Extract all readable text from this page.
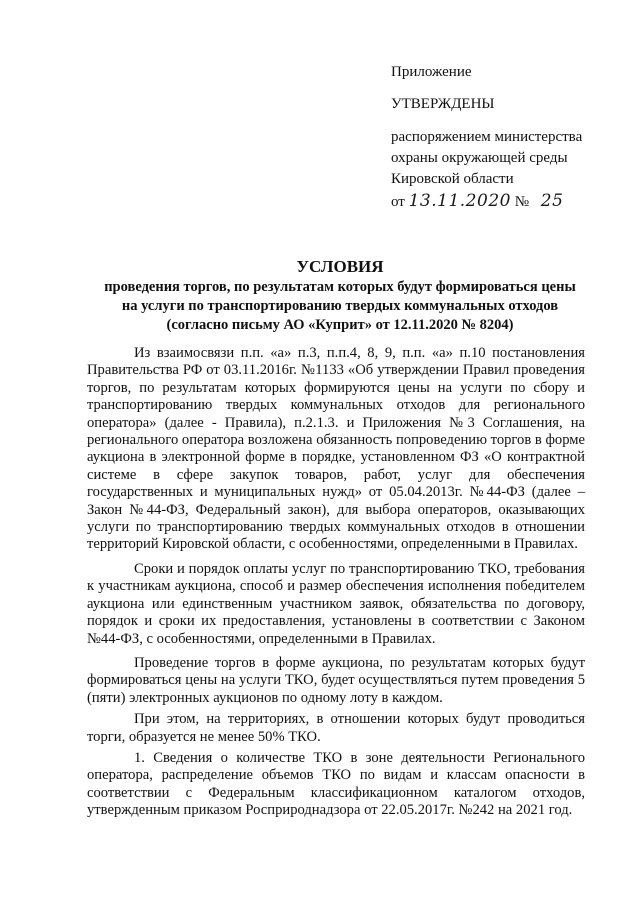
Приложение
УТВЕРЖДЕНЫ
распоряжением министерства
охраны окружающей среды
Кировской области
от 13.11.2020 № 25
УСЛОВИЯ
проведения торгов, по результатам которых будут формироваться цены
на услуги по транспортированию твердых коммунальных отходов
(согласно письму АО «Куприт» от 12.11.2020 № 8204)

Из взаимосвязи п.п. «а» п.3, п.п.4, 8, 9, п.п. «а» п.10 постановления Правительства РФ от 03.11.2016г. №1133 «Об утверждении Правил проведения торгов, по результатам которых формируются цены на услуги по сбору и транспортированию твердых коммунальных отходов для регионального оператора» (далее - Правила), п.2.1.3. и Приложения №3 Соглашения, на регионального оператора возложена обязанность попроведению торгов в форме аукциона в электронной форме в порядке, установленном ФЗ «О контрактной системе в сфере закупок товаров, работ, услуг для обеспечения государственных и муниципальных нужд» от 05.04.2013г. №44-ФЗ (далее – Закон №44-ФЗ, Федеральный закон), для выбора операторов, оказывающих услуги по транспортированию твердых коммунальных отходов в отношении территорий Кировской области, с особенностями, определенными в Правилах.

Сроки и порядок оплаты услуг по транспортированию ТКО, требования к участникам аукциона, способ и размер обеспечения исполнения победителем аукциона или единственным участником заявок, обязательства по договору, порядок и сроки их предоставления, установлены в соответствии с Законом №44-ФЗ, с особенностями, определенными в Правилах.

Проведение торгов в форме аукциона, по результатам которых будут формироваться цены на услуги ТКО, будет осуществляться путем проведения 5 (пяти) электронных аукционов по одному лоту в каждом.

При этом, на территориях, в отношении которых будут проводиться торги, образуется не менее 50% ТКО.

1. Сведения о количестве ТКО в зоне деятельности Регионального оператора, распределение объемов ТКО по видам и классам опасности в соответствии с Федеральным классификационном каталогом отходов, утвержденным приказом Росприроднадзора от 22.05.2017г. №242 на 2021 год.
